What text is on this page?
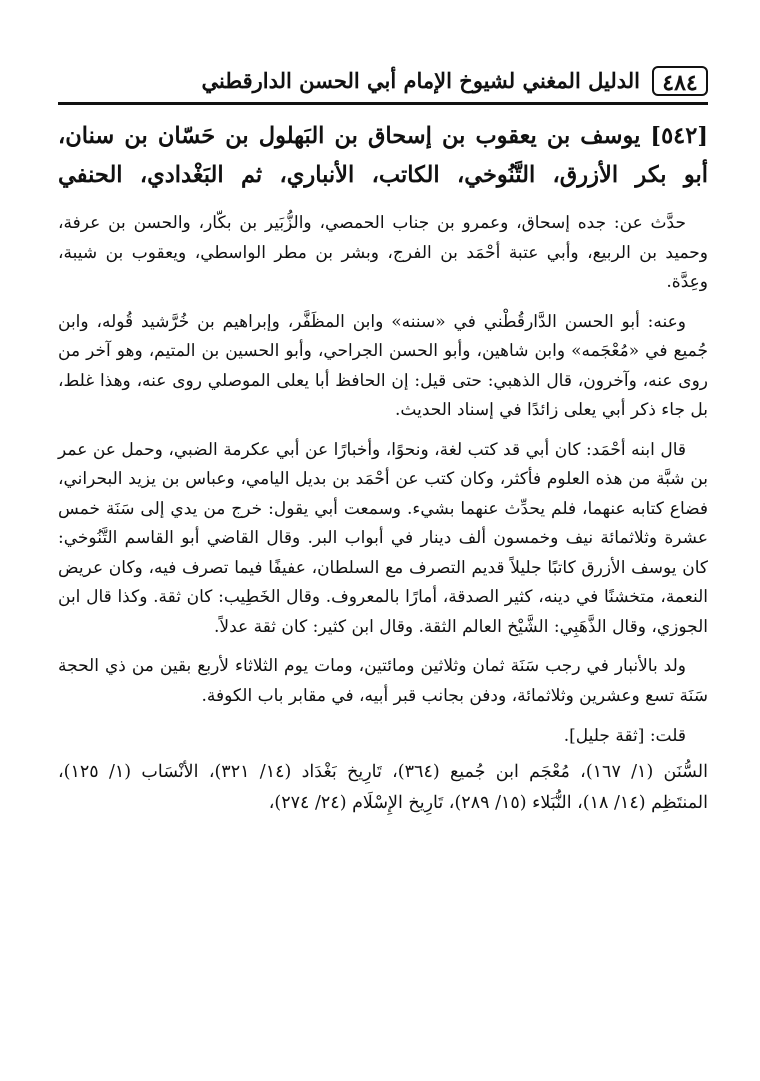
٤٨٤
الدليل المغني لشيوخ الإمام أبي الحسن الدارقطني
[٥٤٢] يوسف بن يعقوب بن إسحاق بن البَهلول بن حَسّان بن سنان، أبو بكر الأزرق، التَّنُوخي، الكاتب، الأنباري، ثم البَغْدادي، الحنفي

حدَّث عن: جده إسحاق، وعمرو بن جناب الحمصي، والزُّبَير بن بكّار، والحسن بن عرفة، وحميد بن الربيع، وأبي عتبة أحْمَد بن الفرج، وبشر بن مطر الواسطي، ويعقوب بن شيبة، وعِدَّة.

وعنه: أبو الحسن الدَّارقُطْني في «سننه» وابن المظَفَّر، وإبراهيم بن خُرَّشيد قُوله، وابن جُميع في «مُعْجَمه» وابن شاهين، وأبو الحسن الجراحي، وأبو الحسين بن المتيم، وهو آخر من روى عنه، وآخرون، قال الذهبي: حتى قيل: إن الحافظ أبا يعلى الموصلي روى عنه، وهذا غلط، بل جاء ذكر أبي يعلى زائدًا في إسناد الحديث.

قال ابنه أحْمَد: كان أبي قد كتب لغة، ونحوًا، وأخبارًا عن أبي عكرمة الضبي، وحمل عن عمر بن شبَّة من هذه العلوم فأكثر، وكان كتب عن أحْمَد بن بديل اليامي، وعباس بن يزيد البحراني، فضاع كتابه عنهما، فلم يحدِّث عنهما بشيء. وسمعت أبي يقول: خرج من يدي إلى سَنَة خمس عشرة وثلاثمائة نيف وخمسون ألف دينار في أبواب البر. وقال القاضي أبو القاسم التَّنُوخي: كان يوسف الأزرق كاتبًا جليلاً قديم التصرف مع السلطان، عفيفًا فيما تصرف فيه، وكان عريض النعمة، متخشنًا في دينه، كثير الصدقة، أمارًا بالمعروف. وقال الخَطِيب: كان ثقة. وكذا قال ابن الجوزي، وقال الذَّهَبِي: الشَّيْخ العالم الثقة. وقال ابن كثير: كان ثقة عدلاً.

ولد بالأنبار في رجب سَنَة ثمان وثلاثين ومائتين، ومات يوم الثلاثاء لأربع بقين من ذي الحجة سَنَة تسع وعشرين وثلاثمائة، ودفن بجانب قبر أبيه، في مقابر باب الكوفة.

قلت: [ثقة جليل].
السُّنَن (١/ ١٦٧)، مُعْجَم ابن جُميع (٣٦٤)، تَارِيخ بَغْدَاد (١٤/ ٣٢١)، الأنْسَاب (١/ ١٢٥)، المنتَظِم (١٤/ ١٨)، النُّبَلاء (١٥/ ٢٨٩)، تَارِيخ الإِسْلَام (٢٤/ ٢٧٤)،
